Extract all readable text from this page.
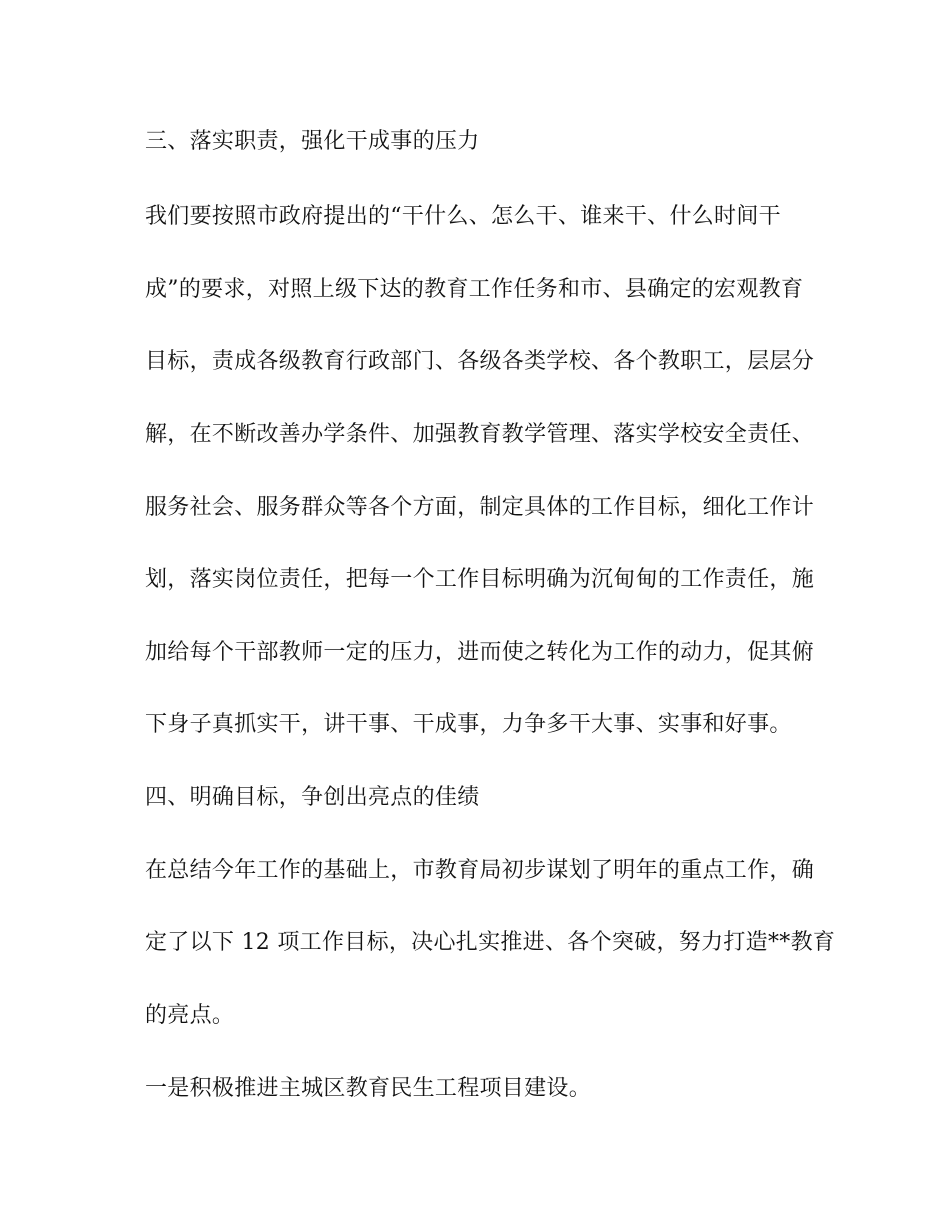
三、落实职责，强化干成事的压力
我们要按照市政府提出的“干什么、怎么干、谁来干、什么时间干
成”的要求，对照上级下达的教育工作任务和市、县确定的宏观教育
目标，责成各级教育行政部门、各级各类学校、各个教职工，层层分
解，在不断改善办学条件、加强教育教学管理、落实学校安全责任、
服务社会、服务群众等各个方面，制定具体的工作目标，细化工作计
划，落实岗位责任，把每一个工作目标明确为沉甸甸的工作责任，施
加给每个干部教师一定的压力，进而使之转化为工作的动力，促其俯
下身子真抓实干，讲干事、干成事，力争多干大事、实事和好事。
四、明确目标，争创出亮点的佳绩
在总结今年工作的基础上，市教育局初步谋划了明年的重点工作，确
定了以下 12 项工作目标，决心扎实推进、各个突破，努力打造**教育
的亮点。
一是积极推进主城区教育民生工程项目建设。
